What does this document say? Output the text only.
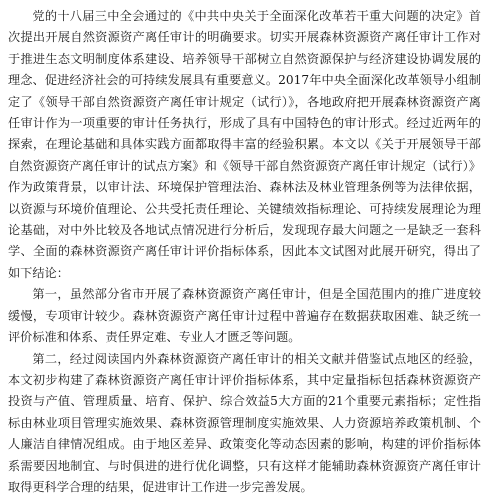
党的十八届三中全会通过的《中共中央关于全面深化改革若干重大问题的决定》首次提出开展自然资源资产离任审计的明确要求。切实开展森林资源资产离任审计工作对于推进生态文明制度体系建设、培养领导干部树立自然资源保护与经济建设协调发展的理念、促进经济社会的可持续发展具有重要意义。2017年中央全面深化改革领导小组制定了《领导干部自然资源资产离任审计规定（试行）》，各地政府把开展森林资源资产离任审计作为一项重要的审计任务执行，形成了具有中国特色的审计形式。经过近两年的探索，在理论基础和具体实践方面都取得丰富的经验积累。本文以《关于开展领导干部自然资源资产离任审计的试点方案》和《领导干部自然资源资产离任审计规定（试行）》作为政策背景，以审计法、环境保护管理法治、森林法及林业管理条例等为法律依据，以资源与环境价值理论、公共受托责任理论、关键绩效指标理论、可持续发展理论为理论基础，对中外比较及各地试点情况进行分析后，发现现存最大问题之一是缺乏一套科学、全面的森林资源资产离任审计评价指标体系，因此本文试图对此展开研究，得出了如下结论：

第一，虽然部分省市开展了森林资源资产离任审计，但是全国范围内的推广进度较缓慢，专项审计较少。森林资源资产离任审计过程中普遍存在数据获取困难、缺乏统一评价标准和体系、责任界定难、专业人才匮乏等问题。

第二，经过阅读国内外森林资源资产离任审计的相关文献并借鉴试点地区的经验，本文初步构建了森林资源资产离任审计评价指标体系，其中定量指标包括森林资源资产投资与产值、管理质量、培育、保护、综合效益5大方面的21个重要元素指标；定性指标由林业项目管理实施效果、森林资源管理制度实施效果、人力资源培养政策机制、个人廉洁自律情况组成。由于地区差异、政策变化等动态因素的影响，构建的评价指标体系需要因地制宜、与时俱进的进行优化调整，只有这样才能辅助森林资源资产离任审计取得更科学合理的结果，促进审计工作进一步完善发展。
